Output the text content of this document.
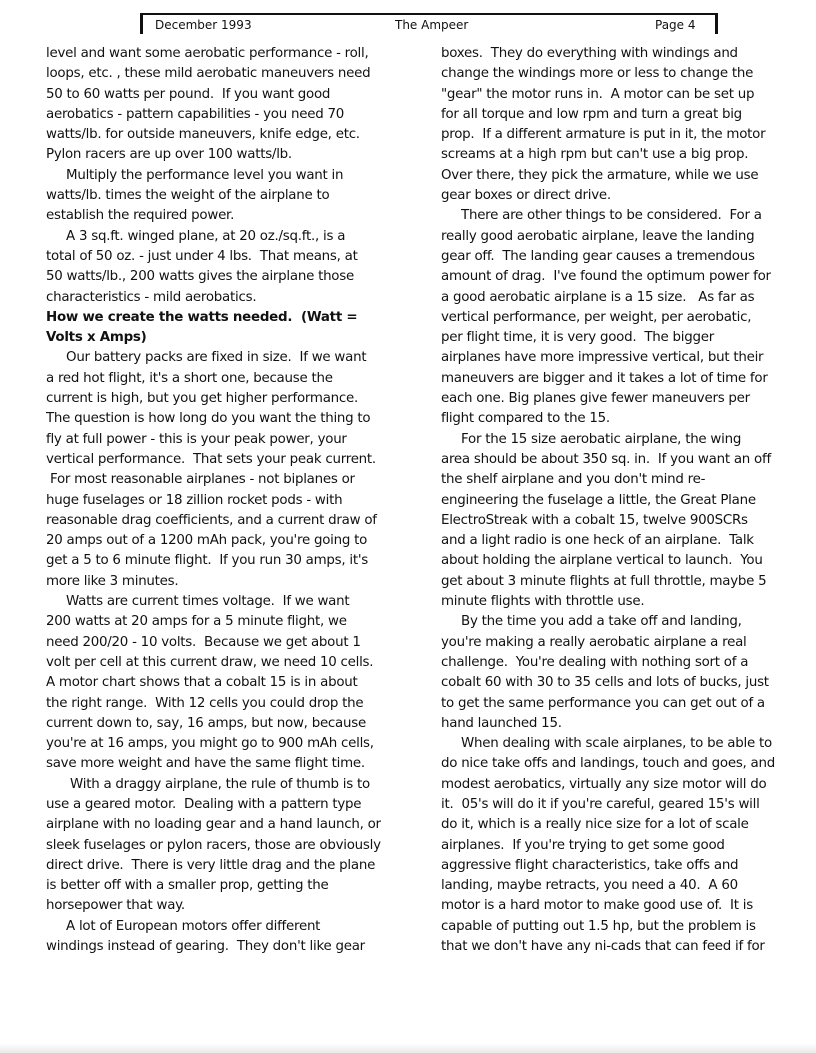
December 1993	The Ampeer	Page 4

level and want some aerobatic performance - roll,

loops, etc. , these mild aerobatic maneuvers need

50 to 60 watts per pound.  If you want good

aerobatics - pattern capabilities - you need 70

watts/lb. for outside maneuvers, knife edge, etc.

Pylon racers are up over 100 watts/lb.

Multiply the performance level you want in

watts/lb. times the weight of the airplane to

establish the required power.

A 3 sq.ft. winged plane, at 20 oz./sq.ft., is a

total of 50 oz. - just under 4 lbs.  That means, at

50 watts/lb., 200 watts gives the airplane those

characteristics - mild aerobatics.

How we create the watts needed.  (Watt =

Volts x Amps)

Our battery packs are fixed in size.  If we want

a red hot flight, it's a short one, because the

current is high, but you get higher performance.

The question is how long do you want the thing to

fly at full power - this is your peak power, your

vertical performance.  That sets your peak current.

For most reasonable airplanes - not biplanes or

huge fuselages or 18 zillion rocket pods - with

reasonable drag coefficients, and a current draw of

20 amps out of a 1200 mAh pack, you're going to

get a 5 to 6 minute flight.  If you run 30 amps, it's

more like 3 minutes.

Watts are current times voltage.  If we want

200 watts at 20 amps for a 5 minute flight, we

need 200/20 - 10 volts.  Because we get about 1

volt per cell at this current draw, we need 10 cells.

A motor chart shows that a cobalt 15 is in about

the right range.  With 12 cells you could drop the

current down to, say, 16 amps, but now, because

you're at 16 amps, you might go to 900 mAh cells,

save more weight and have the same flight time.

With a draggy airplane, the rule of thumb is to

use a geared motor.  Dealing with a pattern type

airplane with no loading gear and a hand launch, or

sleek fuselages or pylon racers, those are obviously

direct drive.  There is very little drag and the plane

is better off with a smaller prop, getting the

horsepower that way.

A lot of European motors offer different

windings instead of gearing.  They don't like gear

boxes.  They do everything with windings and

change the windings more or less to change the

"gear" the motor runs in.  A motor can be set up

for all torque and low rpm and turn a great big

prop.  If a different armature is put in it, the motor

screams at a high rpm but can't use a big prop.

Over there, they pick the armature, while we use

gear boxes or direct drive.

There are other things to be considered.  For a

really good aerobatic airplane, leave the landing

gear off.  The landing gear causes a tremendous

amount of drag.  I've found the optimum power for

a good aerobatic airplane is a 15 size.   As far as

vertical performance, per weight, per aerobatic,

per flight time, it is very good.  The bigger

airplanes have more impressive vertical, but their

maneuvers are bigger and it takes a lot of time for

each one. Big planes give fewer maneuvers per

flight compared to the 15.

For the 15 size aerobatic airplane, the wing

area should be about 350 sq. in.  If you want an off

the shelf airplane and you don't mind re-

engineering the fuselage a little, the Great Plane

ElectroStreak with a cobalt 15, twelve 900SCRs

and a light radio is one heck of an airplane.  Talk

about holding the airplane vertical to launch.  You

get about 3 minute flights at full throttle, maybe 5

minute flights with throttle use.

By the time you add a take off and landing,

you're making a really aerobatic airplane a real

challenge.  You're dealing with nothing sort of a

cobalt 60 with 30 to 35 cells and lots of bucks, just

to get the same performance you can get out of a

hand launched 15.

When dealing with scale airplanes, to be able to

do nice take offs and landings, touch and goes, and

modest aerobatics, virtually any size motor will do

it.  05's will do it if you're careful, geared 15's will

do it, which is a really nice size for a lot of scale

airplanes.  If you're trying to get some good

aggressive flight characteristics, take offs and

landing, maybe retracts, you need a 40.  A 60

motor is a hard motor to make good use of.  It is

capable of putting out 1.5 hp, but the problem is

that we don't have any ni-cads that can feed if for
